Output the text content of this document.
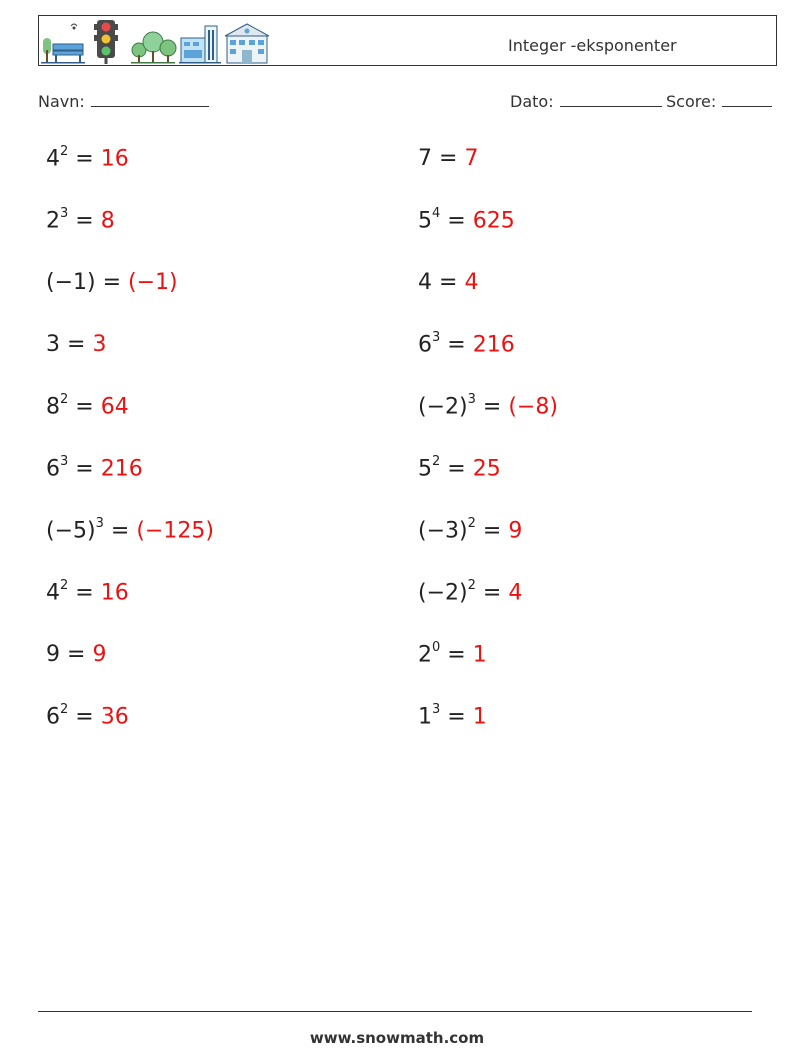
Integer -eksponenter
Navn:	Dato:	Score:
$4^2 = 16$	7 = 7
$2^3 = 8$	$5^4 = 625$
(−1) = (−1)	4 = 4
3 = 3	$6^3 = 216$
$8^2 = 64$	$(-2)^3 = (-8)$
$6^3 = 216$	$5^2 = 25$
$(-5)^3 = (-125)$	$(-3)^2 = 9$
$4^2 = 16$	$(-2)^2 = 4$
9 = 9	$2^0 = 1$
$6^2 = 36$	$1^3 = 1$
www.snowmath.com
